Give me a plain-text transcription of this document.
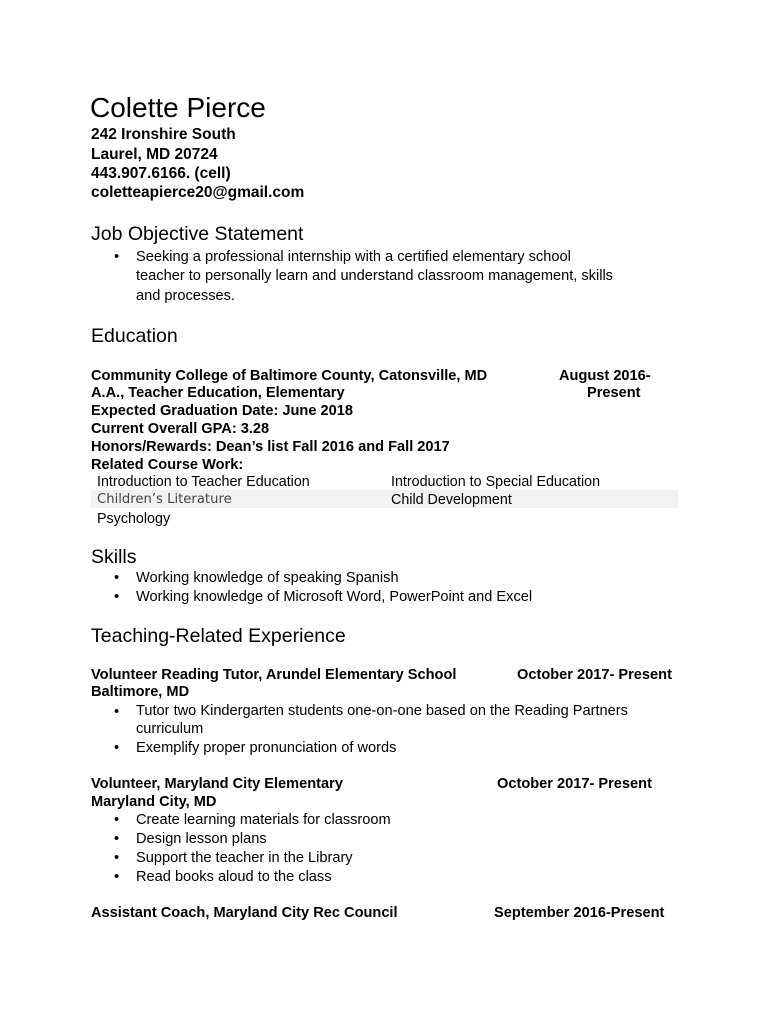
Colette Pierce
242 Ironshire South
Laurel, MD 20724
443.907.6166. (cell)
coletteapierce20@gmail.com
Job Objective Statement
• Seeking a professional internship with a certified elementary school
teacher to personally learn and understand classroom management, skills
and processes.
Education
Community College of Baltimore County, Catonsville, MD	August 2016-
A.A., Teacher Education, Elementary	Present
Expected Graduation Date: June 2018
Current Overall GPA: 3.28
Honors/Rewards: Dean’s list Fall 2016 and Fall 2017
Related Course Work:
Introduction to Teacher Education	Introduction to Special Education
Children’s Literature	Child Development
Psychology
Skills
• Working knowledge of speaking Spanish
• Working knowledge of Microsoft Word, PowerPoint and Excel
Teaching-Related Experience
Volunteer Reading Tutor, Arundel Elementary School	October 2017- Present
Baltimore, MD
• Tutor two Kindergarten students one-on-one based on the Reading Partners curriculum
• Exemplify proper pronunciation of words
Volunteer, Maryland City Elementary	October 2017- Present
Maryland City, MD
• Create learning materials for classroom
• Design lesson plans
• Support the teacher in the Library
• Read books aloud to the class
Assistant Coach, Maryland City Rec Council	September 2016-Present
